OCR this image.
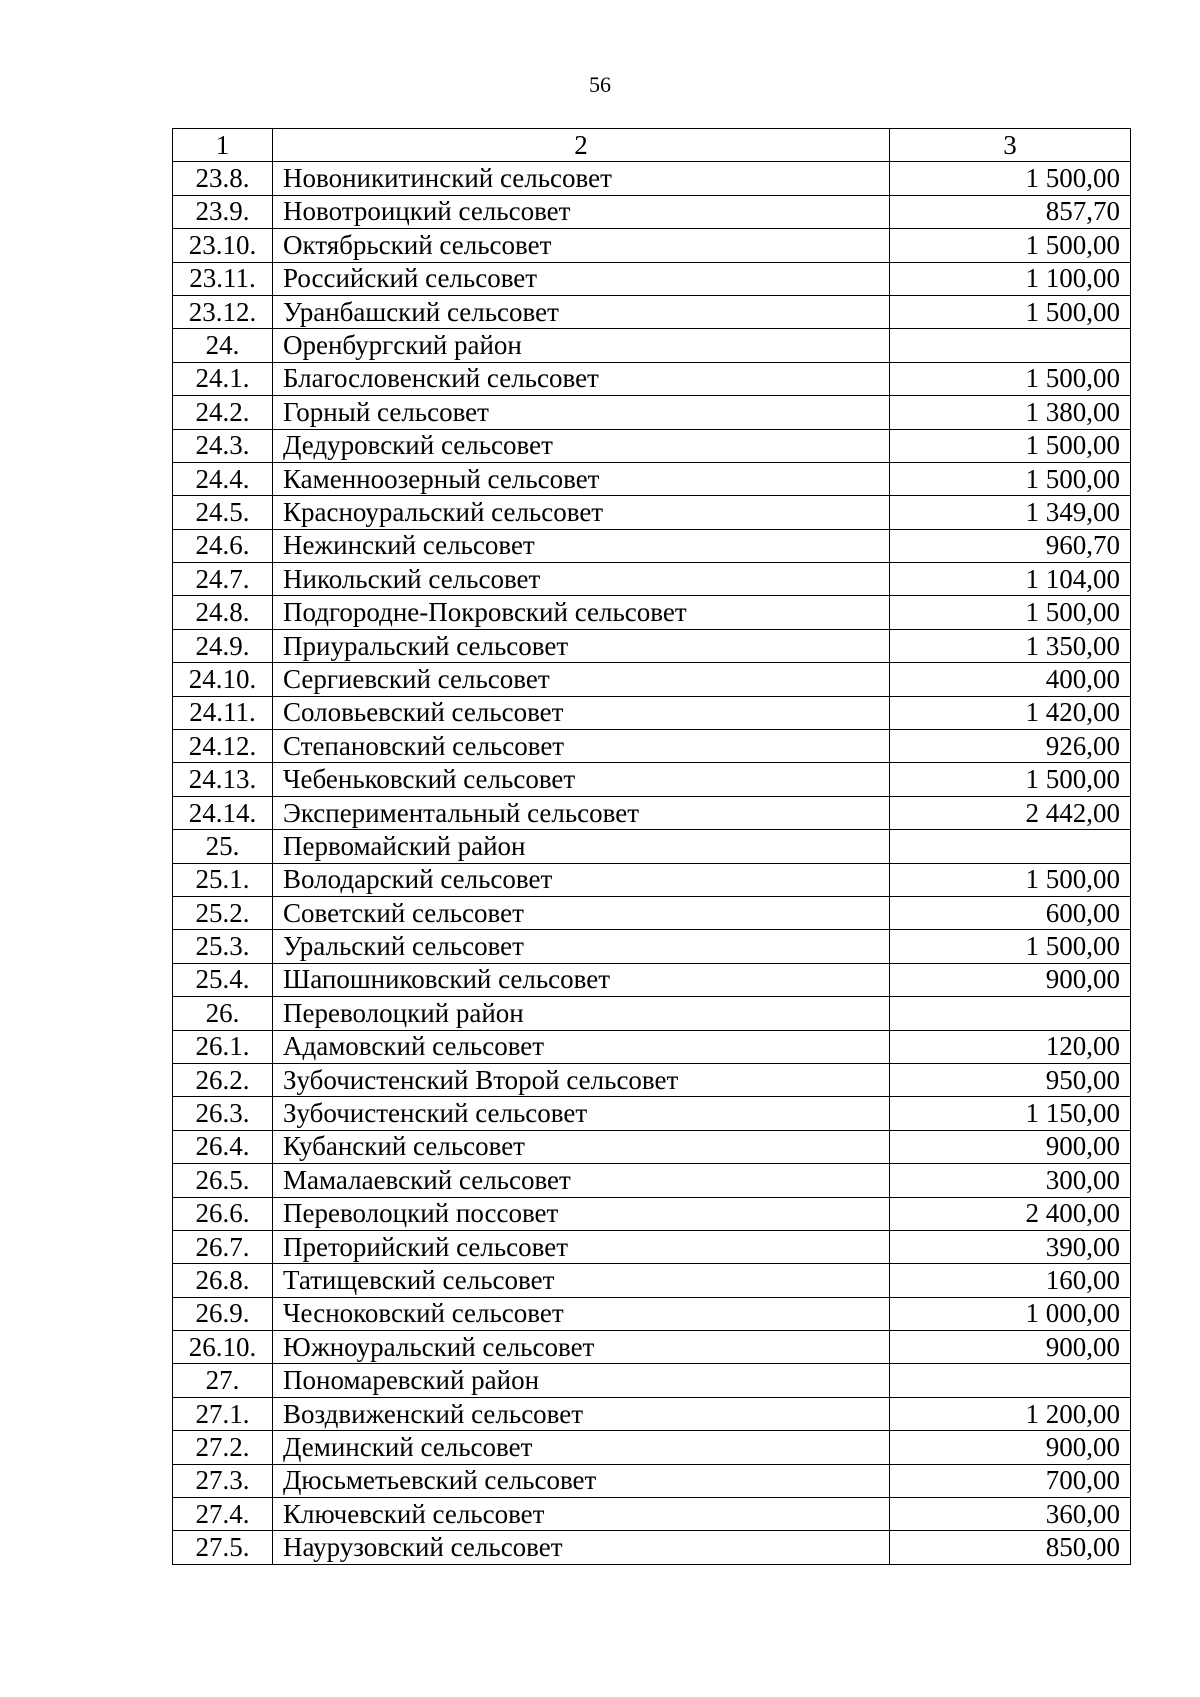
56
1	2	3
23.8.	Новоникитинский сельсовет	1 500,00
23.9.	Новотроицкий сельсовет	857,70
23.10.	Октябрьский сельсовет	1 500,00
23.11.	Российский сельсовет	1 100,00
23.12.	Уранбашский сельсовет	1 500,00
24.	Оренбургский район	
24.1.	Благословенский сельсовет	1 500,00
24.2.	Горный сельсовет	1 380,00
24.3.	Дедуровский сельсовет	1 500,00
24.4.	Каменноозерный сельсовет	1 500,00
24.5.	Красноуральский сельсовет	1 349,00
24.6.	Нежинский сельсовет	960,70
24.7.	Никольский сельсовет	1 104,00
24.8.	Подгородне-Покровский сельсовет	1 500,00
24.9.	Приуральский сельсовет	1 350,00
24.10.	Сергиевский сельсовет	400,00
24.11.	Соловьевский сельсовет	1 420,00
24.12.	Степановский сельсовет	926,00
24.13.	Чебеньковский сельсовет	1 500,00
24.14.	Экспериментальный сельсовет	2 442,00
25.	Первомайский район	
25.1.	Володарский сельсовет	1 500,00
25.2.	Советский сельсовет	600,00
25.3.	Уральский сельсовет	1 500,00
25.4.	Шапошниковский сельсовет	900,00
26.	Переволоцкий район	
26.1.	Адамовский сельсовет	120,00
26.2.	Зубочистенский Второй сельсовет	950,00
26.3.	Зубочистенский сельсовет	1 150,00
26.4.	Кубанский сельсовет	900,00
26.5.	Мамалаевский сельсовет	300,00
26.6.	Переволоцкий поссовет	2 400,00
26.7.	Преторийский сельсовет	390,00
26.8.	Татищевский сельсовет	160,00
26.9.	Чесноковский сельсовет	1 000,00
26.10.	Южноуральский сельсовет	900,00
27.	Пономаревский район	
27.1.	Воздвиженский сельсовет	1 200,00
27.2.	Деминский сельсовет	900,00
27.3.	Дюсьметьевский сельсовет	700,00
27.4.	Ключевский сельсовет	360,00
27.5.	Наурузовский сельсовет	850,00
